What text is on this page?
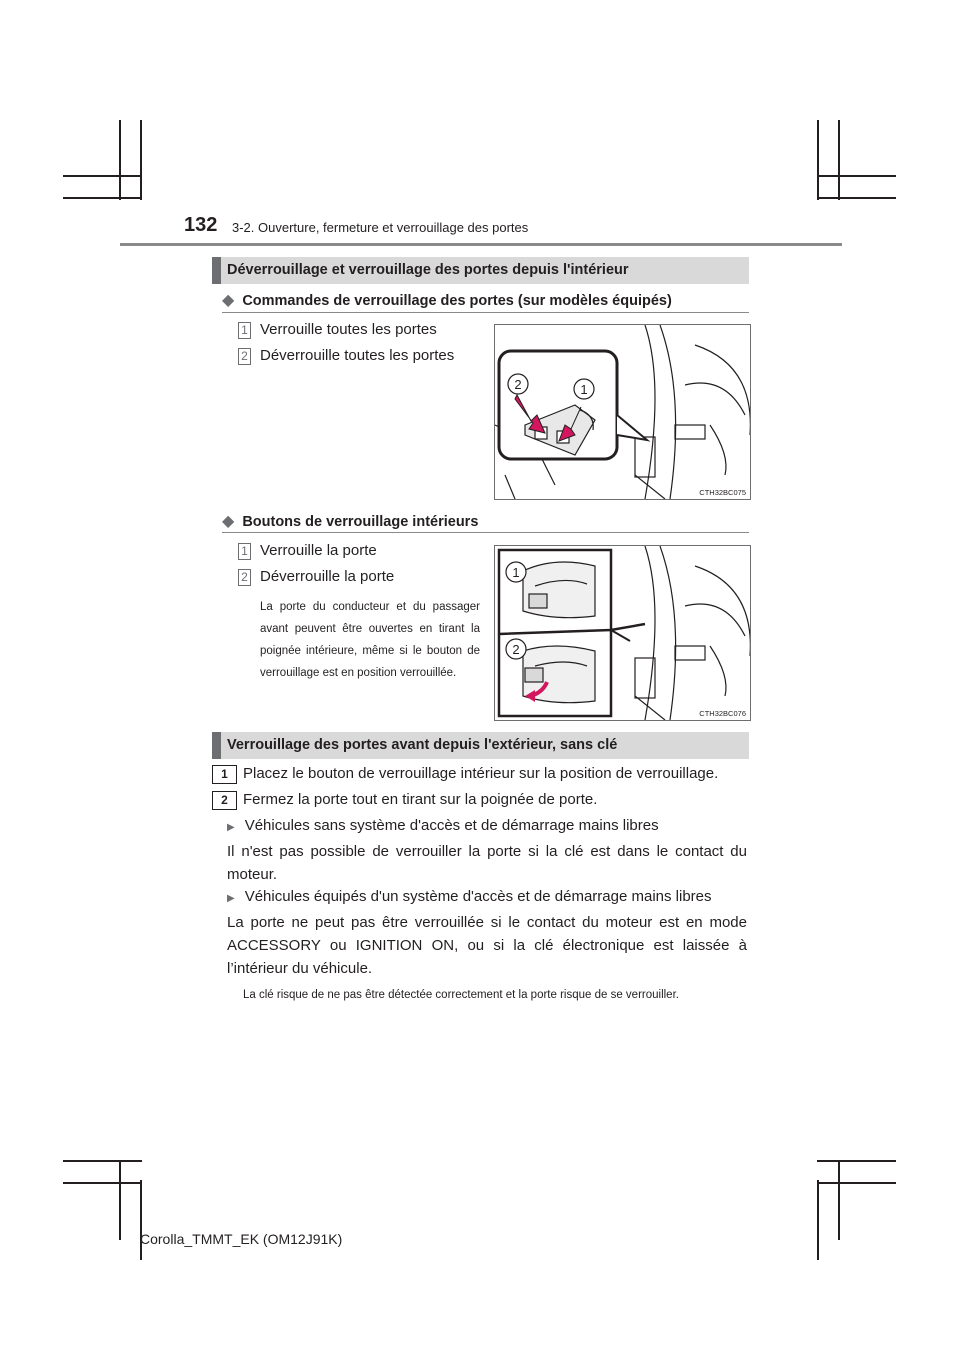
132 3-2. Ouverture, fermeture et verrouillage des portes
Déverrouillage et verrouillage des portes depuis l'intérieur
◆ Commandes de verrouillage des portes (sur modèles équipés)
1 Verrouille toutes les portes
2 Déverrouille toutes les portes
2	1
CTH32BC075
◆ Boutons de verrouillage intérieurs
1 Verrouille la porte
2 Déverrouille la porte
La porte du conducteur et du passager avant peuvent être ouvertes en tirant la poignée intérieure, même si le bouton de verrouillage est en position verrouillée.
1
2
CTH32BC076
Verrouillage des portes avant depuis l'extérieur, sans clé
1	Placez le bouton de verrouillage intérieur sur la position de verrouillage.
2	Fermez la porte tout en tirant sur la poignée de porte.
▶ Véhicules sans système d'accès et de démarrage mains libres
Il n'est pas possible de verrouiller la porte si la clé est dans le contact du moteur.
▶ Véhicules équipés d'un système d'accès et de démarrage mains libres
La porte ne peut pas être verrouillée si le contact du moteur est en mode ACCESSORY ou IGNITION ON, ou si la clé électronique est laissée à l’intérieur du véhicule.
La clé risque de ne pas être détectée correctement et la porte risque de se verrouiller.
Corolla_TMMT_EK (OM12J91K)
